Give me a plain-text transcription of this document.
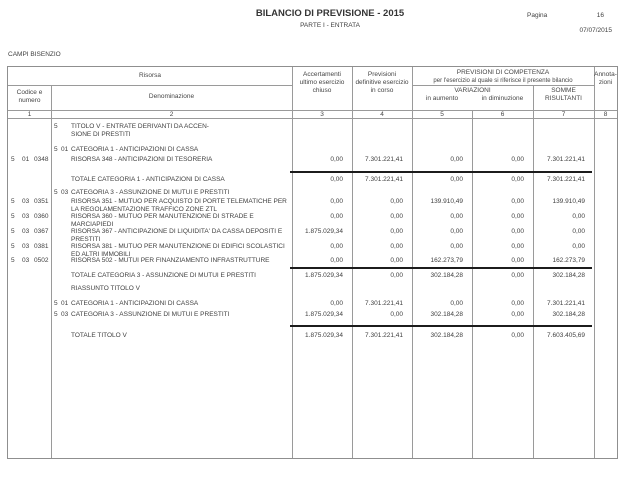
BILANCIO DI PREVISIONE - 2015
PARTE I - ENTRATA
Pagina	16
07/07/2015
CAMPI BISENZIO
Risorsa
Codice e
numero
Denominazione
Accertamenti
ultimo esercizio
chiuso
Previsioni
definitive esercizio
in corso
PREVISIONI DI COMPETENZA
per l'esercizio al quale si riferisce il presente bilancio
VARIAZIONI
in aumento	in diminuzione
SOMME
RISULTANTI
Annota-
zioni
1	2	3	4	5	6	7	8
5 TITOLO V - ENTRATE DERIVANTI DA ACCEN-
SIONE DI PRESTITI
5 01 CATEGORIA 1 - ANTICIPAZIONI DI CASSA
5 01 0348	RISORSA 348 - ANTICIPAZIONI DI TESORERIA	0,00	7.301.221,41	0,00	0,00	7.301.221,41
TOTALE CATEGORIA 1 - ANTICIPAZIONI DI CASSA	0,00	7.301.221,41	0,00	0,00	7.301.221,41
5 03 CATEGORIA 3 - ASSUNZIONE DI MUTUI E PRESTITI
5 03 0351	RISORSA 351 - MUTUO PER ACQUISTO DI PORTE TELEMATICHE PER
LA REGOLAMENTAZIONE TRAFFICO ZONE ZTL
0,00	0,00	139.910,49	0,00	139.910,49
5 03 0360	RISORSA 360 - MUTUO PER MANUTENZIONE DI STRADE E
MARCIAPIEDI
0,00	0,00	0,00	0,00	0,00
5 03 0367	RISORSA 367 - ANTICIPAZIONE DI LIQUIDITA' DA CASSA DEPOSITI E
PRESTITI
1.875.029,34	0,00	0,00	0,00	0,00
5 03 0381	RISORSA 381 - MUTUO PER MANUTENZIONE DI EDIFICI SCOLASTICI
ED ALTRI IMMOBILI
0,00	0,00	0,00	0,00	0,00
5 03 0502	RISORSA 502 - MUTUI PER FINANZIAMENTO INFRASTRUTTURE	0,00	0,00	162.273,79	0,00	162.273,79
TOTALE CATEGORIA 3 - ASSUNZIONE DI MUTUI E PRESTITI	1.875.029,34	0,00	302.184,28	0,00	302.184,28
RIASSUNTO TITOLO V
5 01 CATEGORIA 1 - ANTICIPAZIONI DI CASSA	0,00	7.301.221,41	0,00	0,00	7.301.221,41
5 03 CATEGORIA 3 - ASSUNZIONE DI MUTUI E PRESTITI	1.875.029,34	0,00	302.184,28	0,00	302.184,28
TOTALE TITOLO V	1.875.029,34	7.301.221,41	302.184,28	0,00	7.603.405,69
